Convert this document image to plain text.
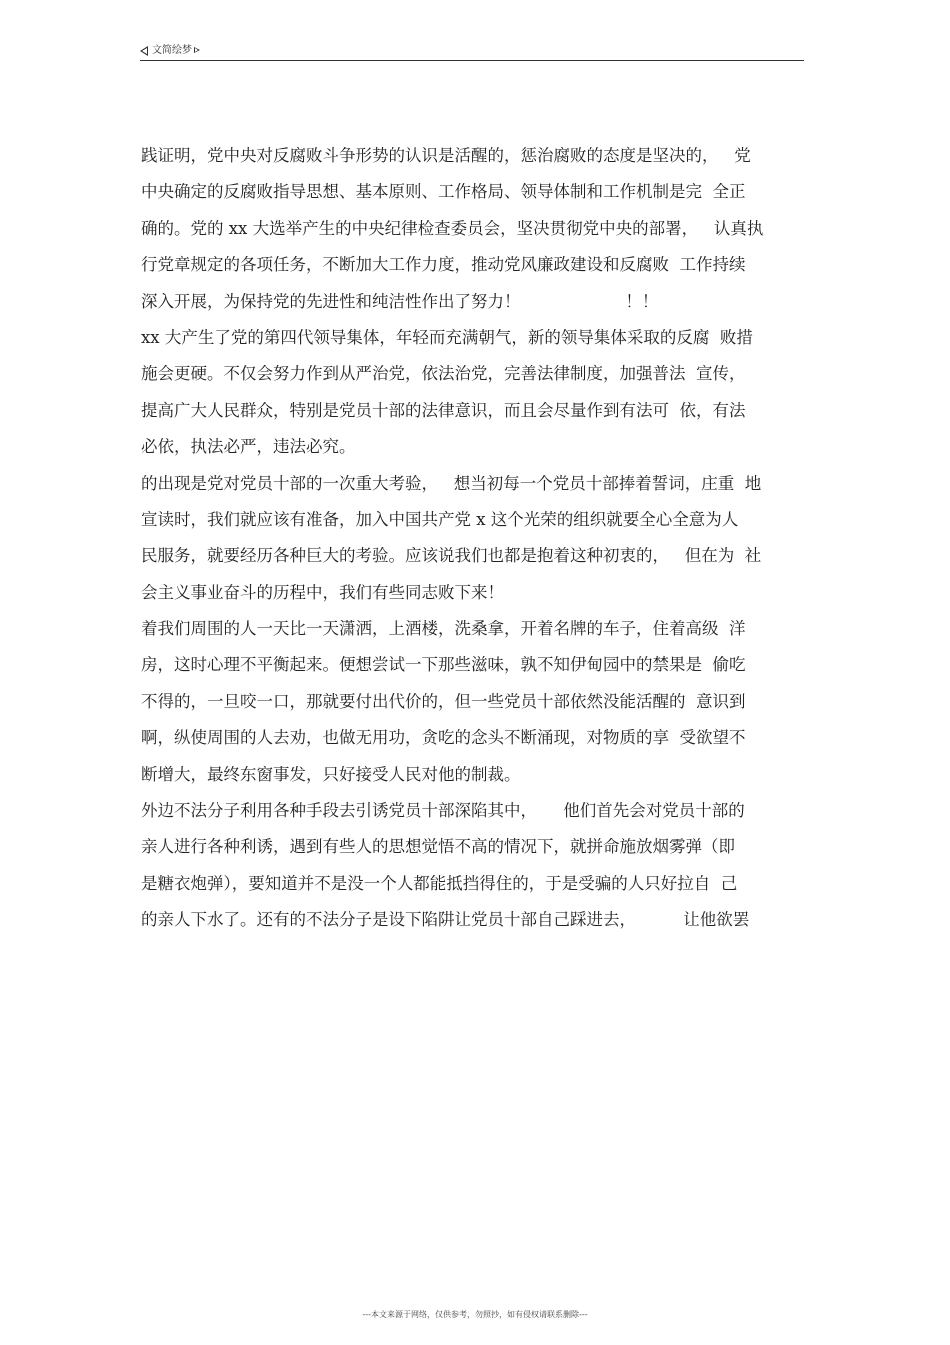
文简绘梦
践证明，党中央对反腐败斗争形势的认识是活醒的，惩治腐败的态度是坚决的，   党
中央确定的反腐败指导思想、基本原则、工作格局、领导体制和工作机制是完  全正
确的。党的 xx 大选举产生的中央纪律检查委员会，坚决贯彻党中央的部署，   认真执
行党章规定的各项任务，不断加大工作力度，推动党风廉政建设和反腐败  工作持续
深入开展，为保持党的先进性和纯洁性作出了努力！                    ！！
xx 大产生了党的第四代领导集体，年轻而充满朝气，新的领导集体采取的反腐  败措
施会更硬。不仅会努力作到从严治党，依法治党，完善法律制度，加强普法  宣传，
提高广大人民群众，特别是党员十部的法律意识，而且会尽量作到有法可  依，有法
必依，执法必严，违法必究。
的出现是党对党员十部的一次重大考验，   想当初每一个党员十部捧着誓词，庄重  地
宣读时，我们就应该有准备，加入中国共产党 x 这个光荣的组织就要全心全意为人
民服务，就要经历各种巨大的考验。应该说我们也都是抱着这种初衷的，   但在为  社
会主义事业奋斗的历程中，我们有些同志败下来！
着我们周围的人一天比一天潇洒，上酒楼，洗桑拿，开着名牌的车子，住着高级  洋
房，这时心理不平衡起来。便想尝试一下那些滋味，孰不知伊甸园中的禁果是  偷吃
不得的，一旦咬一口，那就要付出代价的，但一些党员十部依然没能活醒的  意识到
啊，纵使周围的人去劝，也做无用功，贪吃的念头不断涌现，对物质的享  受欲望不
断增大，最终东窗事发，只好接受人民对他的制裁。
外边不法分子利用各种手段去引诱党员十部深陷其中，     他们首先会对党员十部的
亲人进行各种利诱，遇到有些人的思想觉悟不高的情况下，就拼命施放烟雾弹（即
是糖衣炮弹），要知道并不是没一个人都能抵挡得住的，于是受骗的人只好拉自  己
的亲人下水了。还有的不法分子是设下陷阱让党员十部自己踩进去，         让他欲罢
---本文来源于网络，仅供参考，勿照抄，如有侵权请联系删除---
